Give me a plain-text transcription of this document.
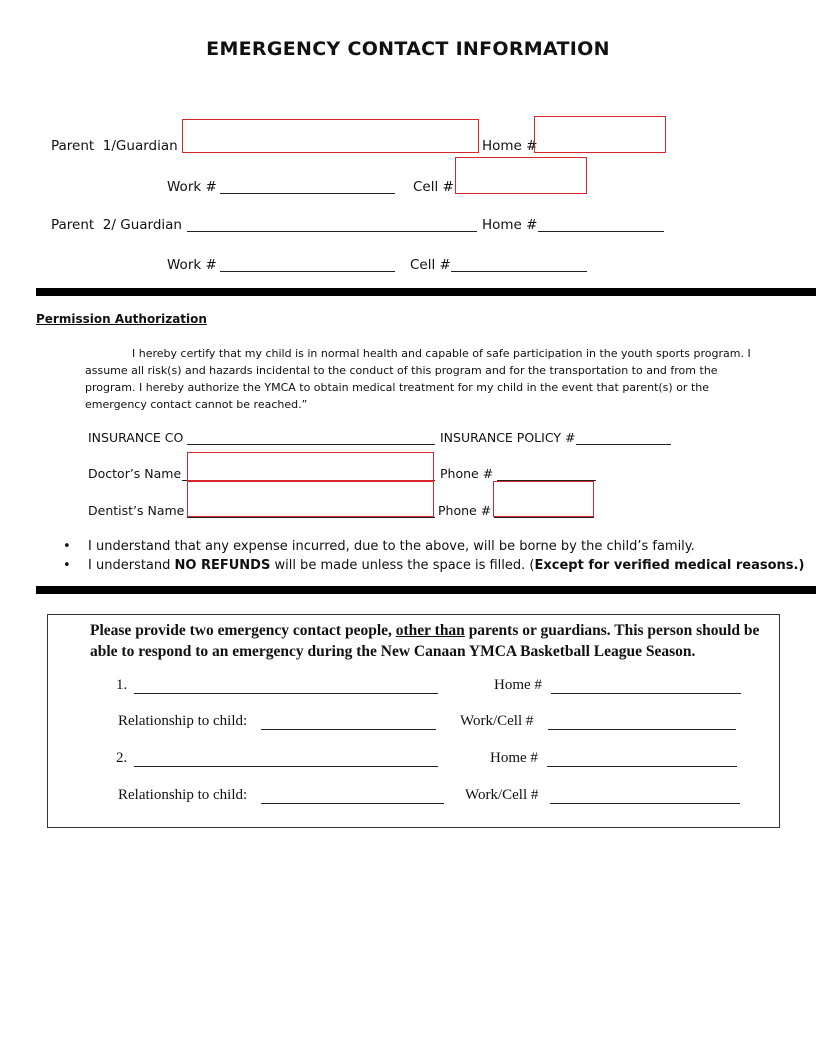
EMERGENCY CONTACT INFORMATION
Parent  1/Guardian	Home #
Work #	Cell #
Parent  2/ Guardian	Home #
Work #	Cell #
Permission Authorization

I hereby certify that my child is in normal health and capable of safe participation in the youth sports program. I assume all risk(s) and hazards incidental to the conduct of this program and for the transportation to and from the program. I hereby authorize the YMCA to obtain medical treatment for my child in the event that parent(s) or the emergency contact cannot be reached.”

INSURANCE CO	INSURANCE POLICY #
Doctor’s Name	Phone #
Dentist’s Name	Phone #
• I understand that any expense incurred, due to the above, will be borne by the child’s family.
• I understand NO REFUNDS will be made unless the space is filled. (Except for verified medical reasons.)
Please provide two emergency contact people, other than parents or guardians. This person should be able to respond to an emergency during the New Canaan YMCA Basketball League Season.
1.	Home #
Relationship to child:	Work/Cell #
2.	Home #
Relationship to child:	Work/Cell #
